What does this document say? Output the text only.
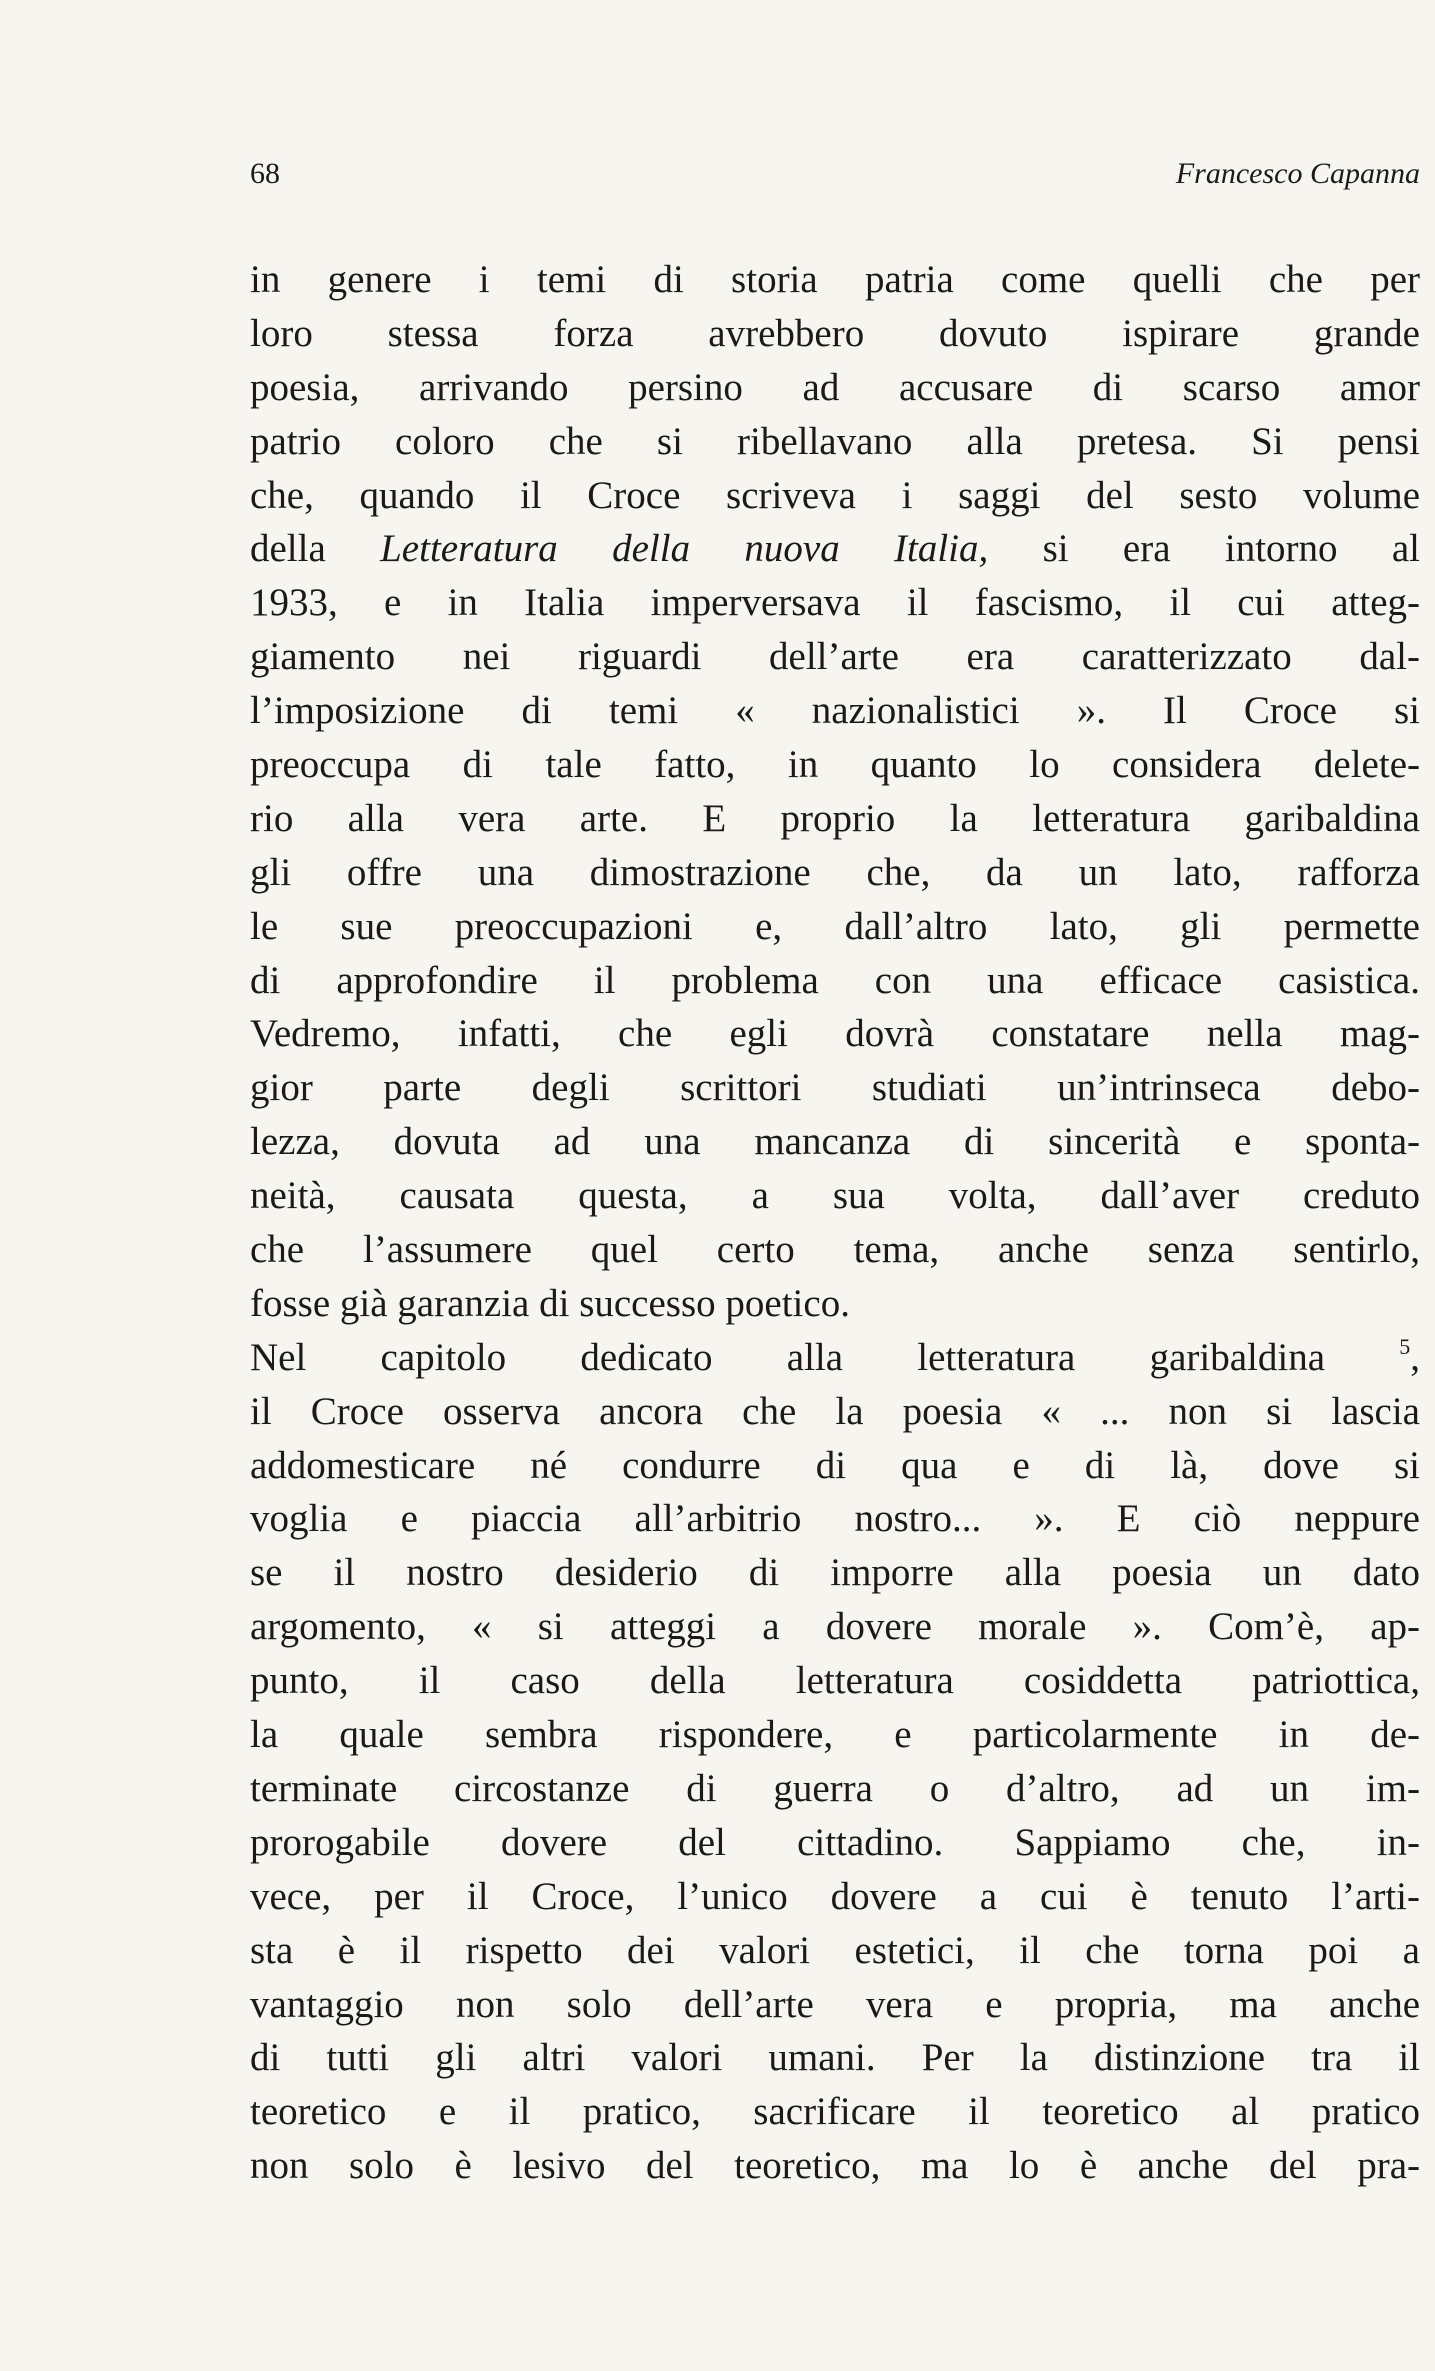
68	Francesco Capanna
in genere i temi di storia patria come quelli che per
loro stessa forza avrebbero dovuto ispirare grande
poesia, arrivando persino ad accusare di scarso amor
patrio coloro che si ribellavano alla pretesa. Si pensi
che, quando il Croce scriveva i saggi del sesto volume
della Letteratura della nuova Italia, si era intorno al
1933, e in Italia imperversava il fascismo, il cui atteg-
giamento nei riguardi dell’arte era caratterizzato dal-
l’imposizione di temi « nazionalistici ». Il Croce si
preoccupa di tale fatto, in quanto lo considera delete-
rio alla vera arte. E proprio la letteratura garibaldina
gli offre una dimostrazione che, da un lato, rafforza
le sue preoccupazioni e, dall’altro lato, gli permette
di approfondire il problema con una efficace casistica.
Vedremo, infatti, che egli dovrà constatare nella mag-
gior parte degli scrittori studiati un’intrinseca debo-
lezza, dovuta ad una mancanza di sincerità e sponta-
neità, causata questa, a sua volta, dall’aver creduto
che l’assumere quel certo tema, anche senza sentirlo,
fosse già garanzia di successo poetico.
Nel capitolo dedicato alla letteratura garibaldina $^5$,
il Croce osserva ancora che la poesia « ... non si lascia
addomesticare né condurre di qua e di là, dove si
voglia e piaccia all’arbitrio nostro... ». E ciò neppure
se il nostro desiderio di imporre alla poesia un dato
argomento, « si atteggi a dovere morale ». Com’è, ap-
punto, il caso della letteratura cosiddetta patriottica,
la quale sembra rispondere, e particolarmente in de-
terminate circostanze di guerra o d’altro, ad un im-
prorogabile dovere del cittadino. Sappiamo che, in-
vece, per il Croce, l’unico dovere a cui è tenuto l’arti-
sta è il rispetto dei valori estetici, il che torna poi a
vantaggio non solo dell’arte vera e propria, ma anche
di tutti gli altri valori umani. Per la distinzione tra il
teoretico e il pratico, sacrificare il teoretico al pratico
non solo è lesivo del teoretico, ma lo è anche del pra-
